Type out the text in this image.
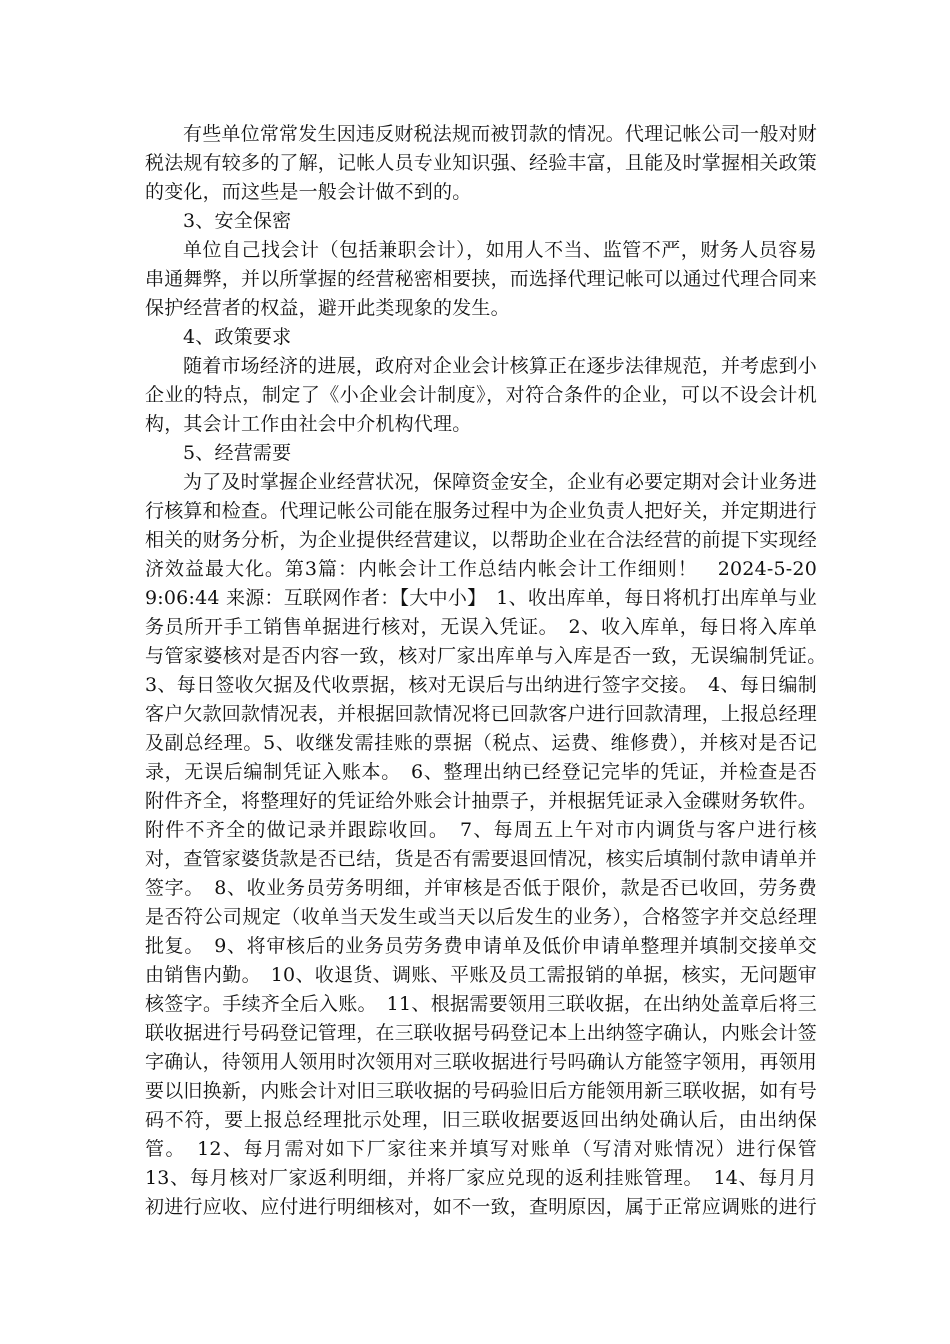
有些单位常常发生因违反财税法规而被罚款的情况。代理记帐公司一般对财税法规有较多的了解，记帐人员专业知识强、经验丰富，且能及时掌握相关政策的变化，而这些是一般会计做不到的。

3、安全保密

单位自己找会计（包括兼职会计），如用人不当、监管不严，财务人员容易串通舞弊，并以所掌握的经营秘密相要挟，而选择代理记帐可以通过代理合同来保护经营者的权益，避开此类现象的发生。

4、政策要求

随着市场经济的进展，政府对企业会计核算正在逐步法律规范，并考虑到小企业的特点，制定了《小企业会计制度》，对符合条件的企业，可以不设会计机构，其会计工作由社会中介机构代理。

5、经营需要

为了及时掌握企业经营状况，保障资金安全，企业有必要定期对会计业务进行核算和检查。代理记帐公司能在服务过程中为企业负责人把好关，并定期进行相关的财务分析，为企业提供经营建议，以帮助企业在合法经营的前提下实现经济效益最大化。第3篇：内帐会计工作总结内帐会计工作细则！　2024-5-20 9:06:44 来源：互联网作者：【大中小】　1、收出库单，每日将机打出库单与业务员所开手工销售单据进行核对，无误入凭证。　2、收入库单，每日将入库单与管家婆核对是否内容一致，核对厂家出库单与入库是否一致，无误编制凭证。　3、每日签收欠据及代收票据，核对无误后与出纳进行签字交接。　4、每日编制客户欠款回款情况表，并根据回款情况将已回款客户进行回款清理，上报总经理及副总经理。5、收继发需挂账的票据（税点、运费、维修费），并核对是否记录，无误后编制凭证入账本。　6、整理出纳已经登记完毕的凭证，并检查是否附件齐全，将整理好的凭证给外账会计抽票子，并根据凭证录入金碟财务软件。附件不齐全的做记录并跟踪收回。　7、每周五上午对市内调货与客户进行核对，查管家婆货款是否已结，货是否有需要退回情况，核实后填制付款申请单并签字。　8、收业务员劳务明细，并审核是否低于限价，款是否已收回，劳务费是否符公司规定（收单当天发生或当天以后发生的业务），合格签字并交总经理批复。　9、将审核后的业务员劳务费申请单及低价申请单整理并填制交接单交由销售内勤。　10、收退货、调账、平账及员工需报销的单据，核实，无问题审核签字。手续齐全后入账。　11、根据需要领用三联收据，在出纳处盖章后将三联收据进行号码登记管理，在三联收据号码登记本上出纳签字确认，内账会计签字确认，待领用人领用时次领用对三联收据进行号吗确认方能签字领用，再领用要以旧换新，内账会计对旧三联收据的号码验旧后方能领用新三联收据，如有号码不符，要上报总经理批示处理，旧三联收据要返回出纳处确认后，由出纳保管。　12、每月需对如下厂家往来并填写对账单（写清对账情况）进行保管　13、每月核对厂家返利明细，并将厂家应兑现的返利挂账管理。　14、每月月初进行应收、应付进行明细核对，如不一致，查明原因，属于正常应调账的进行
